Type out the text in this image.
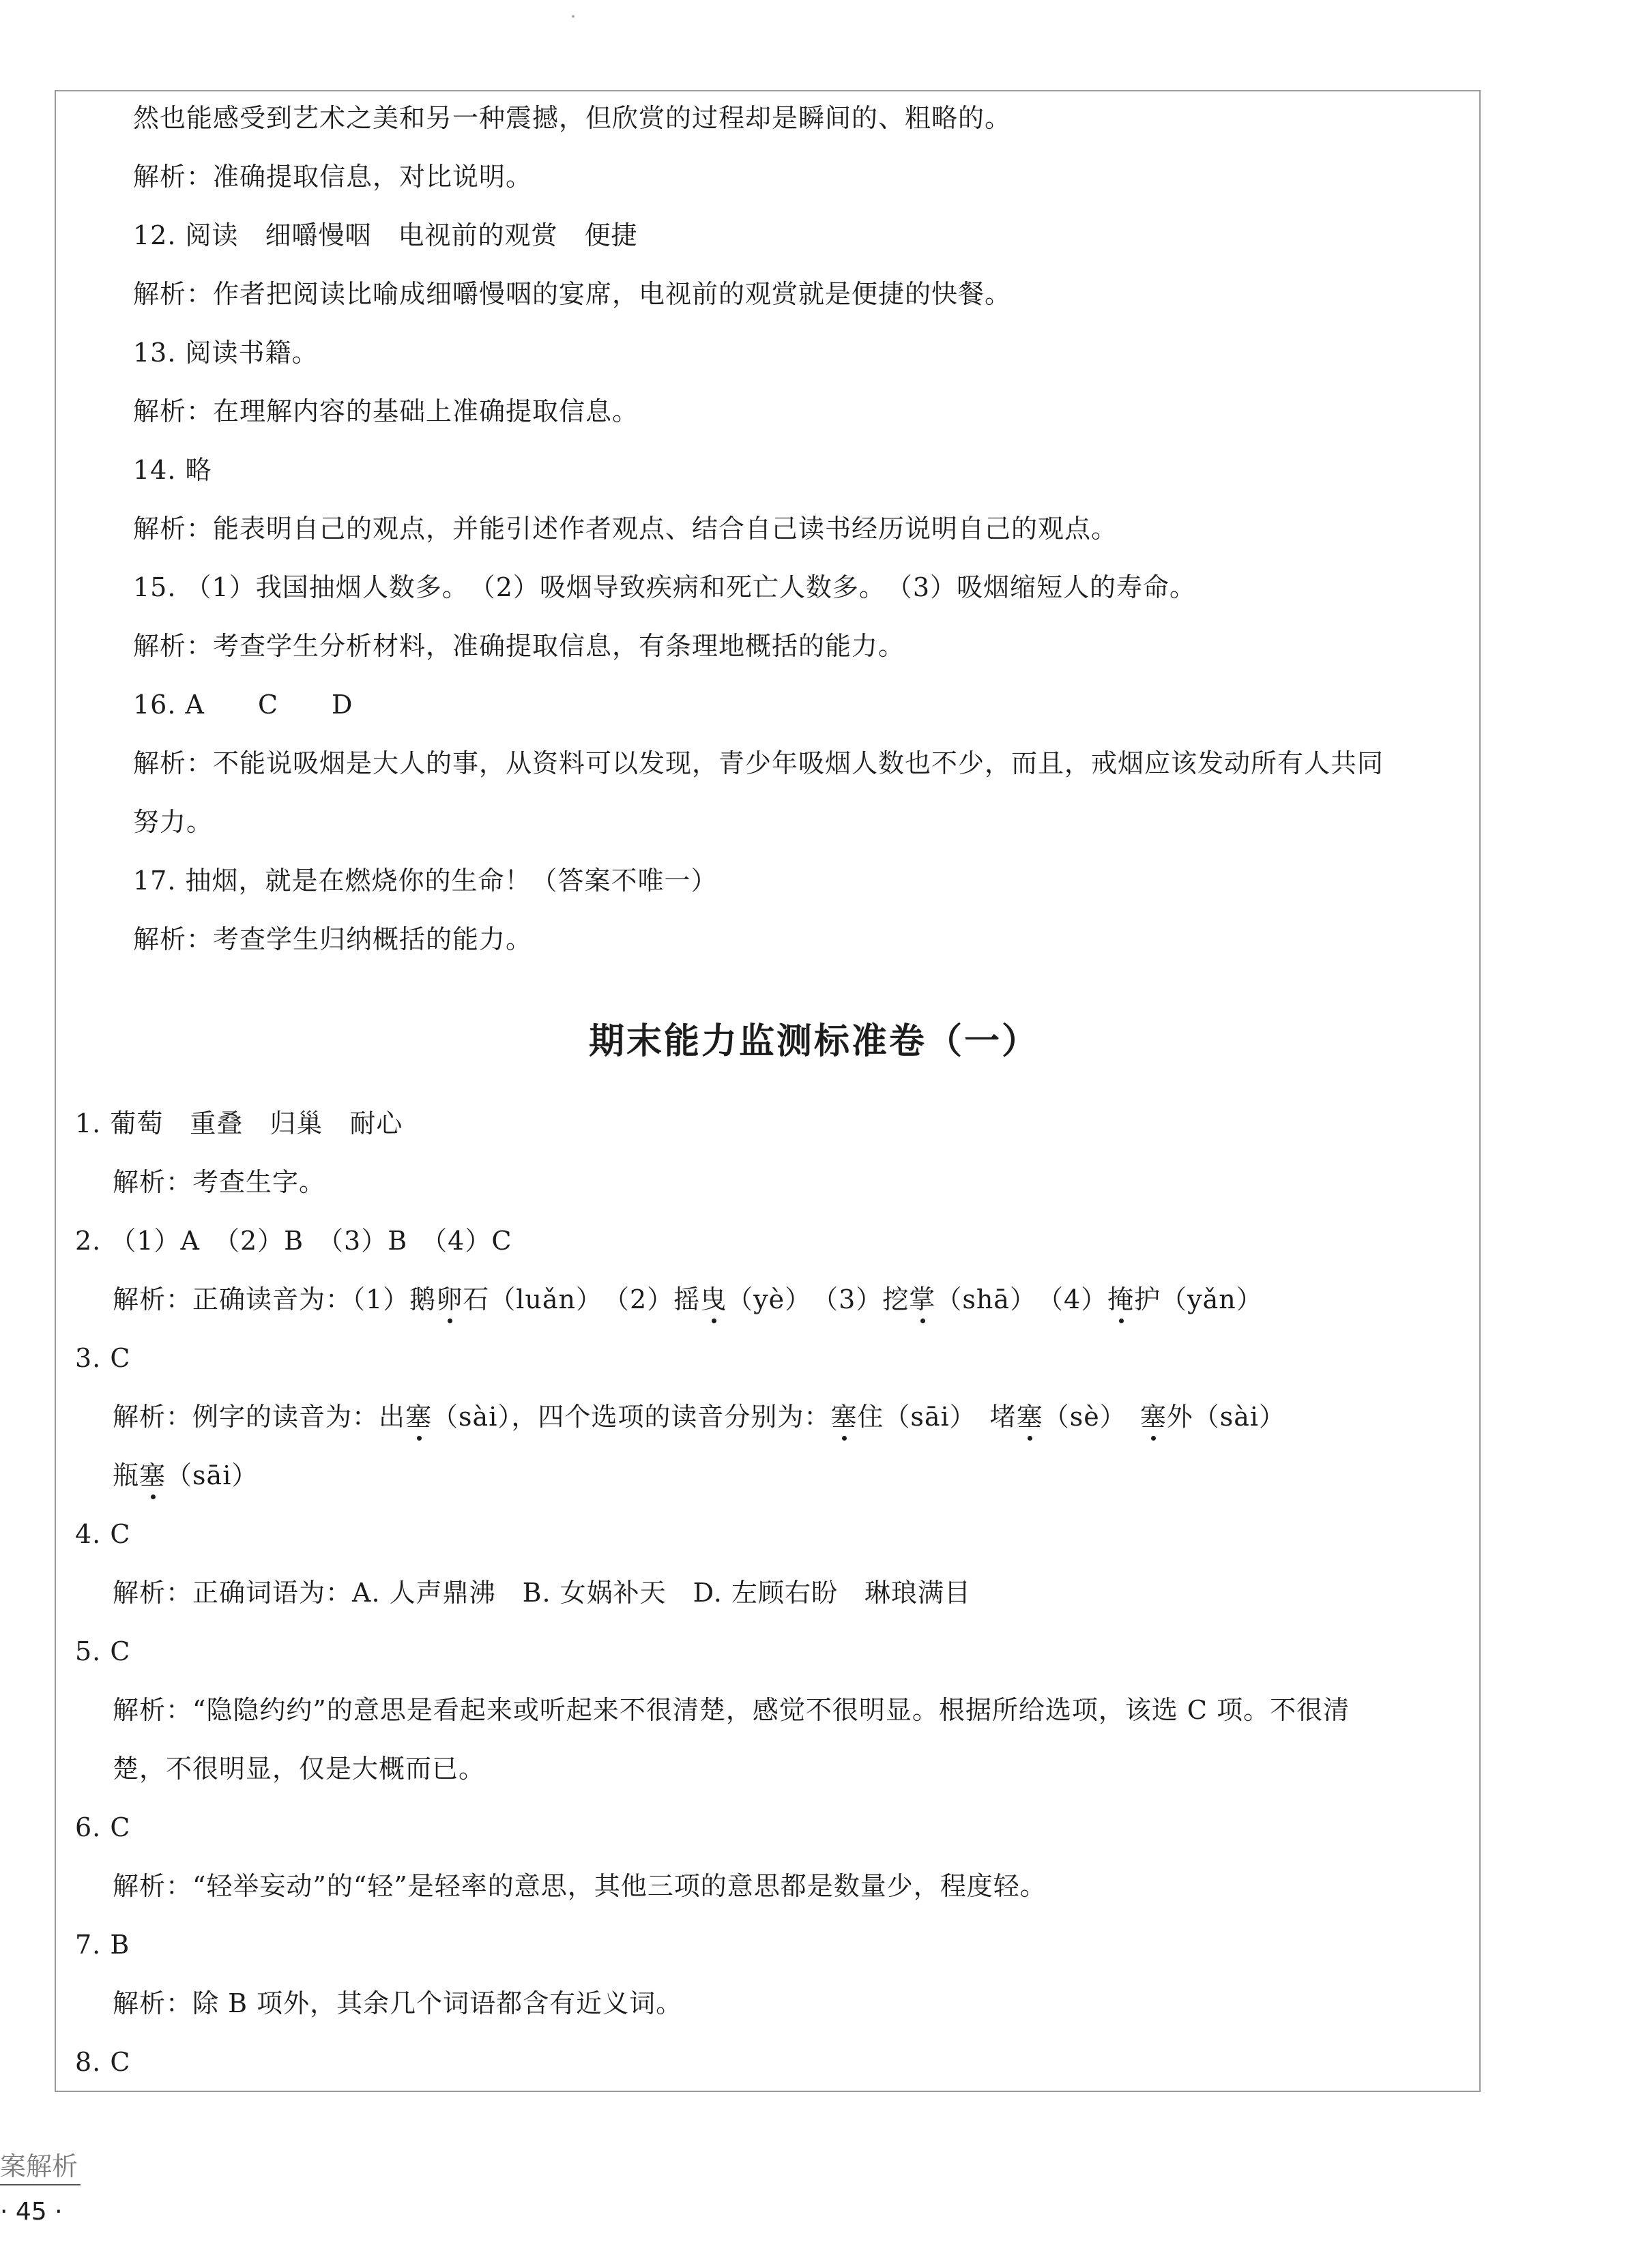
然也能感受到艺术之美和另一种震撼，但欣赏的过程却是瞬间的、粗略的。
解析：准确提取信息，对比说明。
12. 阅读　细嚼慢咽　电视前的观赏　便捷
解析：作者把阅读比喻成细嚼慢咽的宴席，电视前的观赏就是便捷的快餐。
13. 阅读书籍。
解析：在理解内容的基础上准确提取信息。
14. 略
解析：能表明自己的观点，并能引述作者观点、结合自己读书经历说明自己的观点。
15. （1）我国抽烟人数多。　（2）吸烟导致疾病和死亡人数多。　（3）吸烟缩短人的寿命。
解析：考查学生分析材料，准确提取信息，有条理地概括的能力。
16. A　　C　　D
解析：不能说吸烟是大人的事，从资料可以发现，青少年吸烟人数也不少，而且，戒烟应该发动所有人共同
努力。
17. 抽烟，就是在燃烧你的生命！（答案不唯一）
解析：考查学生归纳概括的能力。
期末能力监测标准卷（一）
1. 葡萄　重叠　归巢　耐心
解析：考查生字。
2. （1）A　（2）B　（3）B　（4）C
解析：正确读音为：（1）鹅卵石（luǎn）　（2）摇曳（yè）　（3）挖掌（shā）　（4）掩护（yǎn）
3. C
解析：例字的读音为：出塞（sài），四个选项的读音分别为：塞住（sāi）　堵塞（sè）　塞外（sài）
瓶塞（sāi）
4. C
解析：正确词语为：A. 人声鼎沸　B. 女娲补天　D. 左顾右盼　琳琅满目
5. C
解析：“隐隐约约”的意思是看起来或听起来不很清楚，感觉不很明显。根据所给选项，该选 C 项。不很清
楚，不很明显，仅是大概而已。
6. C
解析：“轻举妄动”的“轻”是轻率的意思，其他三项的意思都是数量少，程度轻。
7. B
解析：除 B 项外，其余几个词语都含有近义词。
8. C
案解析
· 45 ·
